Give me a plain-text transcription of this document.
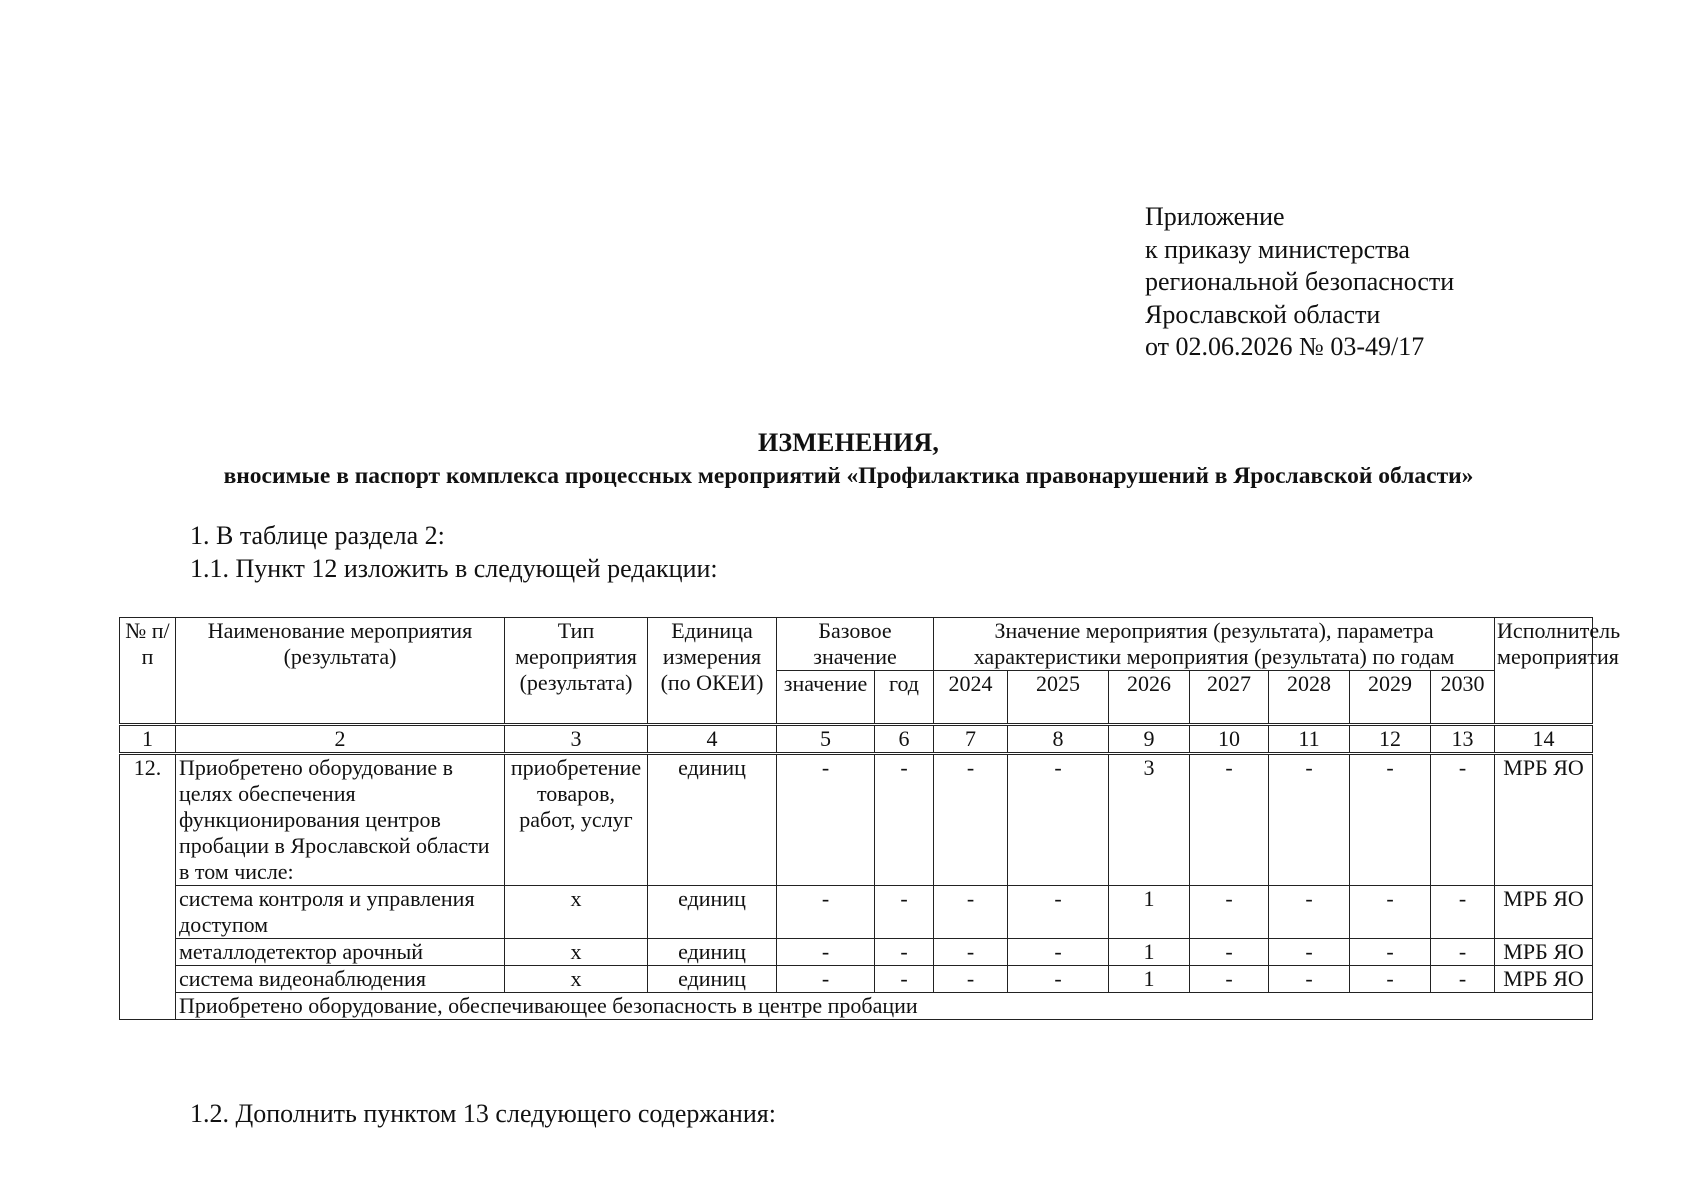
Приложение
к приказу министерства
региональной безопасности
Ярославской области
от 02.06.2026 № 03-49/17
ИЗМЕНЕНИЯ,
вносимые в паспорт комплекса процессных мероприятий «Профилактика правонарушений в Ярославской области»
1. В таблице раздела 2:
1.1. Пункт 12 изложить в следующей редакции:
№ п/п	Наименование мероприятия (результата)	Тип мероприятия (результата)	Единица измерения (по ОКЕИ)	Базовое значение		Значение мероприятия (результата), параметра характеристики мероприятия (результата) по годам							Исполнитель мероприятия

				значение	год	2024	2025	2026	2027	2028	2029	2030	
1	2	3	4	5	6	7	8	9	10	11	12	13	14
12.	Приобретено оборудование в целях обеспечения функционирования центров пробации в Ярославской области в том числе:	приобретение товаров, работ, услуг	единиц	-	-	-	-	3	-	-	-	-	МРБ ЯО
	система контроля и управления доступом	х	единиц	-	-	-	-	1	-	-	-	-	МРБ ЯО
	металлодетектор арочный	х	единиц	-	-	-	-	1	-	-	-	-	МРБ ЯО
	система видеонаблюдения	х	единиц	-	-	-	-	1	-	-	-	-	МРБ ЯО
	Приобретено оборудование, обеспечивающее безопасность в центре пробации												
1.2. Дополнить пунктом 13 следующего содержания:
